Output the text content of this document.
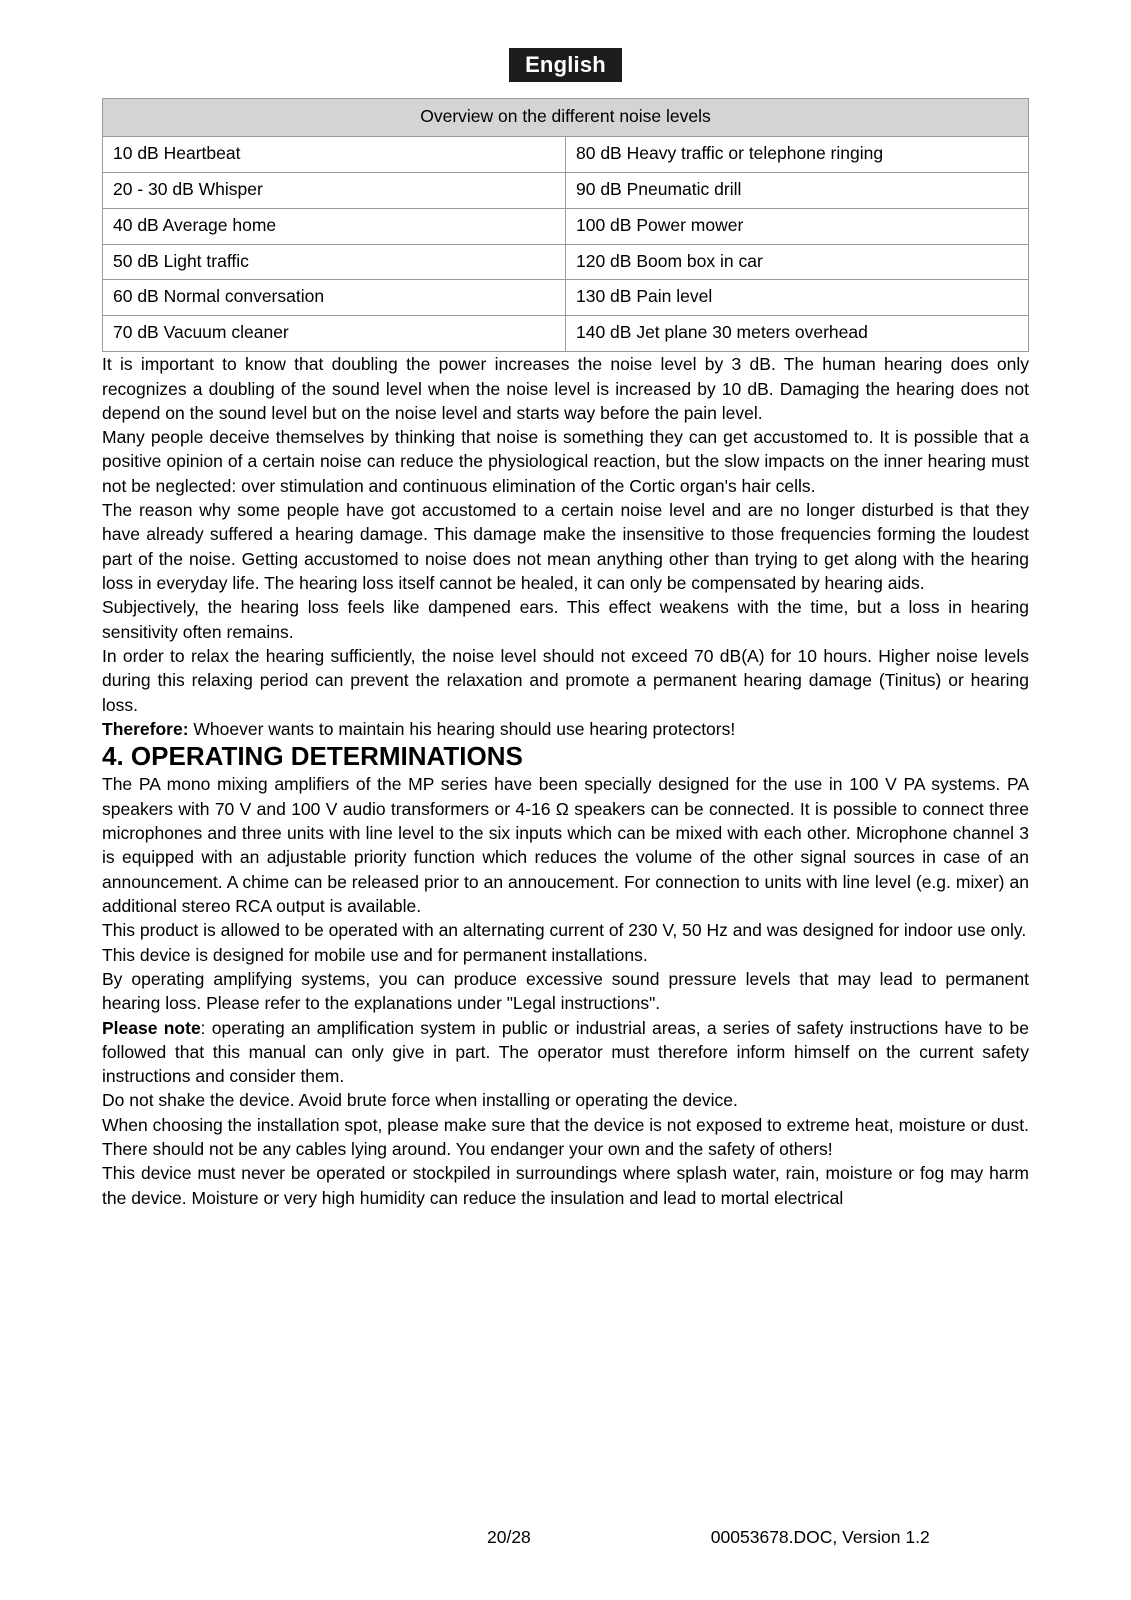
English
Overview on the different noise levels	
10 dB Heartbeat	80 dB Heavy traffic or telephone ringing
20 - 30 dB Whisper	90 dB Pneumatic drill
40 dB Average home	100 dB Power mower
50 dB Light traffic	120 dB Boom box in car
60 dB Normal conversation	130 dB Pain level
70 dB Vacuum cleaner	140 dB Jet plane 30 meters overhead

It is important to know that doubling the power increases the noise level by 3 dB. The human hearing does only recognizes a doubling of the sound level when the noise level is increased by 10 dB. Damaging the hearing does not depend on the sound level but on the noise level and starts way before the pain level.

Many people deceive themselves by thinking that noise is something they can get accustomed to. It is possible that a positive opinion of a certain noise can reduce the physiological reaction, but the slow impacts on the inner hearing must not be neglected: over stimulation and continuous elimination of the Cortic organ's hair cells.

The reason why some people have got accustomed to a certain noise level and are no longer disturbed is that they have already suffered a hearing damage. This damage make the insensitive to those frequencies forming the loudest part of the noise. Getting accustomed to noise does not mean anything other than trying to get along with the hearing loss in everyday life. The hearing loss itself cannot be healed, it can only be compensated by hearing aids.

Subjectively, the hearing loss feels like dampened ears. This effect weakens with the time, but a loss in hearing sensitivity often remains.

In order to relax the hearing sufficiently, the noise level should not exceed 70 dB(A) for 10 hours. Higher noise levels during this relaxing period can prevent the relaxation and promote a permanent hearing damage (Tinitus) or hearing loss.

Therefore: Whoever wants to maintain his hearing should use hearing protectors!

4. OPERATING DETERMINATIONS

The PA mono mixing amplifiers of the MP series have been specially designed for the use in 100 V PA systems. PA speakers with 70 V and 100 V audio transformers or 4-16 Ω speakers can be connected. It is possible to connect three microphones and three units with line level to the six inputs which can be mixed with each other. Microphone channel 3 is equipped with an adjustable priority function which reduces the volume of the other signal sources in case of an announcement. A chime can be released prior to an annoucement. For connection to units with line level (e.g. mixer) an additional stereo RCA output is available.

This product is allowed to be operated with an alternating current of 230 V, 50 Hz and was designed for indoor use only.

This device is designed for mobile use and for permanent installations.

By operating amplifying systems, you can produce excessive sound pressure levels that may lead to permanent hearing loss. Please refer to the explanations under "Legal instructions".

Please note: operating an amplification system in public or industrial areas, a series of safety instructions have to be followed that this manual can only give in part. The operator must therefore inform himself on the current safety instructions and consider them.

Do not shake the device. Avoid brute force when installing or operating the device.

When choosing the installation spot, please make sure that the device is not exposed to extreme heat, moisture or dust. There should not be any cables lying around. You endanger your own and the safety of others!

This device must never be operated or stockpiled in surroundings where splash water, rain, moisture or fog may harm the device. Moisture or very high humidity can reduce the insulation and lead to mortal electrical

20/28	00053678.DOC, Version 1.2
